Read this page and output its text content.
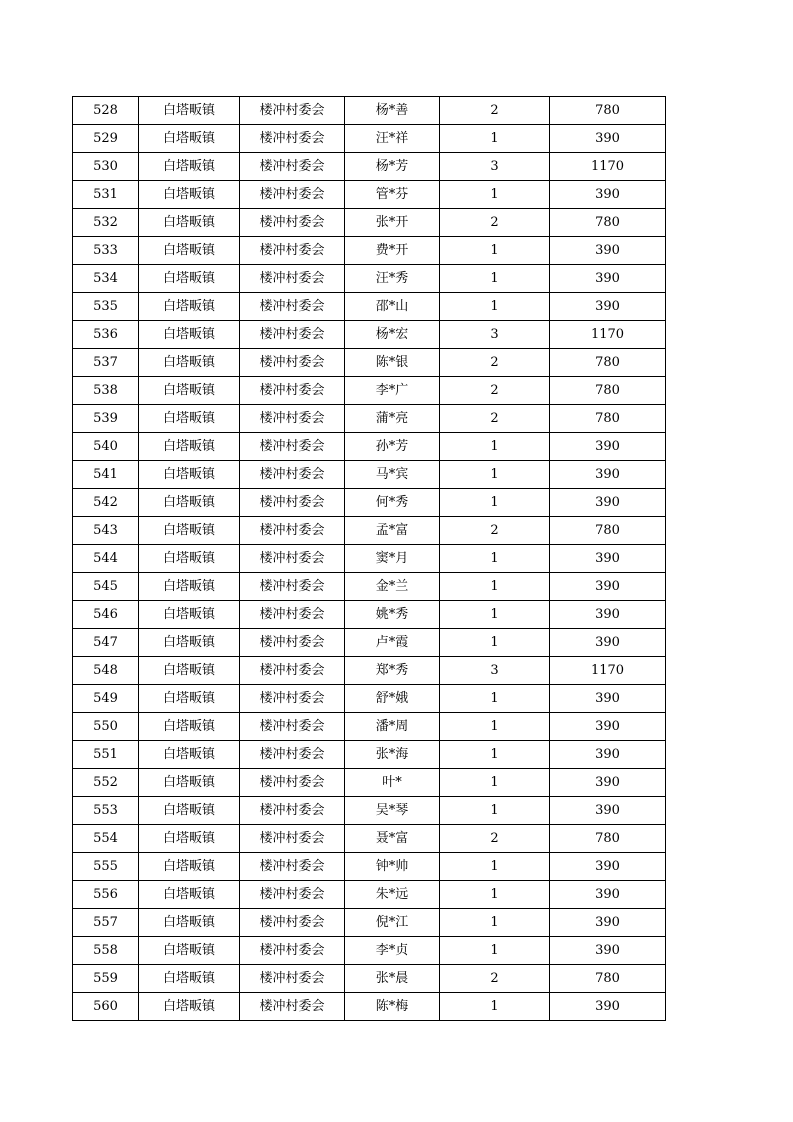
528	白塔畈镇	楼冲村委会	杨*善	2	780
529	白塔畈镇	楼冲村委会	汪*祥	1	390
530	白塔畈镇	楼冲村委会	杨*芳	3	1170
531	白塔畈镇	楼冲村委会	管*芬	1	390
532	白塔畈镇	楼冲村委会	张*开	2	780
533	白塔畈镇	楼冲村委会	费*开	1	390
534	白塔畈镇	楼冲村委会	汪*秀	1	390
535	白塔畈镇	楼冲村委会	邵*山	1	390
536	白塔畈镇	楼冲村委会	杨*宏	3	1170
537	白塔畈镇	楼冲村委会	陈*银	2	780
538	白塔畈镇	楼冲村委会	李*广	2	780
539	白塔畈镇	楼冲村委会	蒲*亮	2	780
540	白塔畈镇	楼冲村委会	孙*芳	1	390
541	白塔畈镇	楼冲村委会	马*宾	1	390
542	白塔畈镇	楼冲村委会	何*秀	1	390
543	白塔畈镇	楼冲村委会	孟*富	2	780
544	白塔畈镇	楼冲村委会	窦*月	1	390
545	白塔畈镇	楼冲村委会	金*兰	1	390
546	白塔畈镇	楼冲村委会	姚*秀	1	390
547	白塔畈镇	楼冲村委会	卢*霞	1	390
548	白塔畈镇	楼冲村委会	郑*秀	3	1170
549	白塔畈镇	楼冲村委会	舒*娥	1	390
550	白塔畈镇	楼冲村委会	潘*周	1	390
551	白塔畈镇	楼冲村委会	张*海	1	390
552	白塔畈镇	楼冲村委会	叶*	1	390
553	白塔畈镇	楼冲村委会	吴*琴	1	390
554	白塔畈镇	楼冲村委会	聂*富	2	780
555	白塔畈镇	楼冲村委会	钟*帅	1	390
556	白塔畈镇	楼冲村委会	朱*远	1	390
557	白塔畈镇	楼冲村委会	倪*江	1	390
558	白塔畈镇	楼冲村委会	李*贞	1	390
559	白塔畈镇	楼冲村委会	张*晨	2	780
560	白塔畈镇	楼冲村委会	陈*梅	1	390
